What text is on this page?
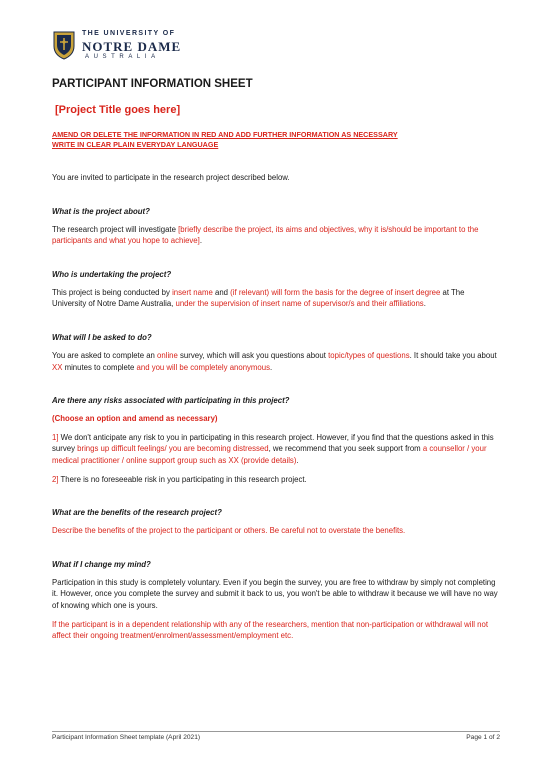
THE UNIVERSITY OF
NOTRE DAME
AUSTRALIA

PARTICIPANT INFORMATION SHEET

[Project Title goes here]

AMEND OR DELETE THE INFORMATION IN RED AND ADD FURTHER INFORMATION AS NECESSARY

WRITE IN CLEAR PLAIN EVERYDAY LANGUAGE

You are invited to participate in the research project described below.

What is the project about?

The research project will investigate [briefly describe the project, its aims and objectives, why it is/should be important to the participants and what you hope to achieve].

Who is undertaking the project?

This project is being conducted by insert name and (if relevant) will form the basis for the degree of insert degree at The University of Notre Dame Australia, under the supervision of insert name of supervisor/s and their affiliations.

What will I be asked to do?

You are asked to complete an online survey, which will ask you questions about topic/types of questions. It should take you about XX minutes to complete and you will be completely anonymous.

Are there any risks associated with participating in this project?

(Choose an option and amend as necessary)

1] We don't anticipate any risk to you in participating in this research project. However, if you find that the questions asked in this survey brings up difficult feelings/ you are becoming distressed, we recommend that you seek support from a counsellor / your medical practitioner / online support group such as XX (provide details).

2] There is no foreseeable risk in you participating in this research project.

What are the benefits of the research project?

Describe the benefits of the project to the participant or others. Be careful not to overstate the benefits.

What if I change my mind?

Participation in this study is completely voluntary. Even if you begin the survey, you are free to withdraw by simply not completing it. However, once you complete the survey and submit it back to us, you won't be able to withdraw it because we will have no way of knowing which one is yours.

If the participant is in a dependent relationship with any of the researchers, mention that non-participation or withdrawal will not affect their ongoing treatment/enrolment/assessment/employment etc.

Participant Information Sheet template (April 2021)	Page 1 of 2
